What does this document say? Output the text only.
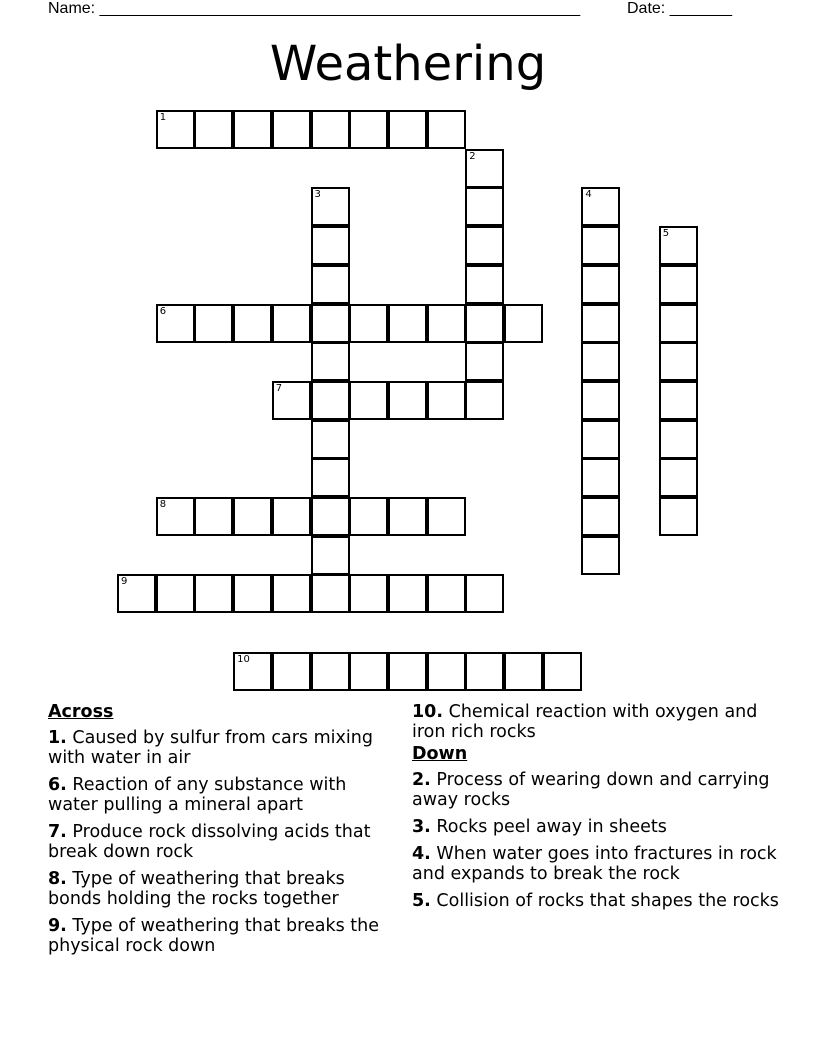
Name: ______________________________________________________	Date: _______
Weathering
1
2
3	4
5
6
7
8
9
10
Across
1. Caused by sulfur from cars mixing with water in air
6. Reaction of any substance with water pulling a mineral apart
7. Produce rock dissolving acids that break down rock
8. Type of weathering that breaks bonds holding the rocks together
9. Type of weathering that breaks the physical rock down
10. Chemical reaction with oxygen and iron rich rocks
Down
2. Process of wearing down and carrying away rocks
3. Rocks peel away in sheets
4. When water goes into fractures in rock and expands to break the rock
5. Collision of rocks that shapes the rocks
